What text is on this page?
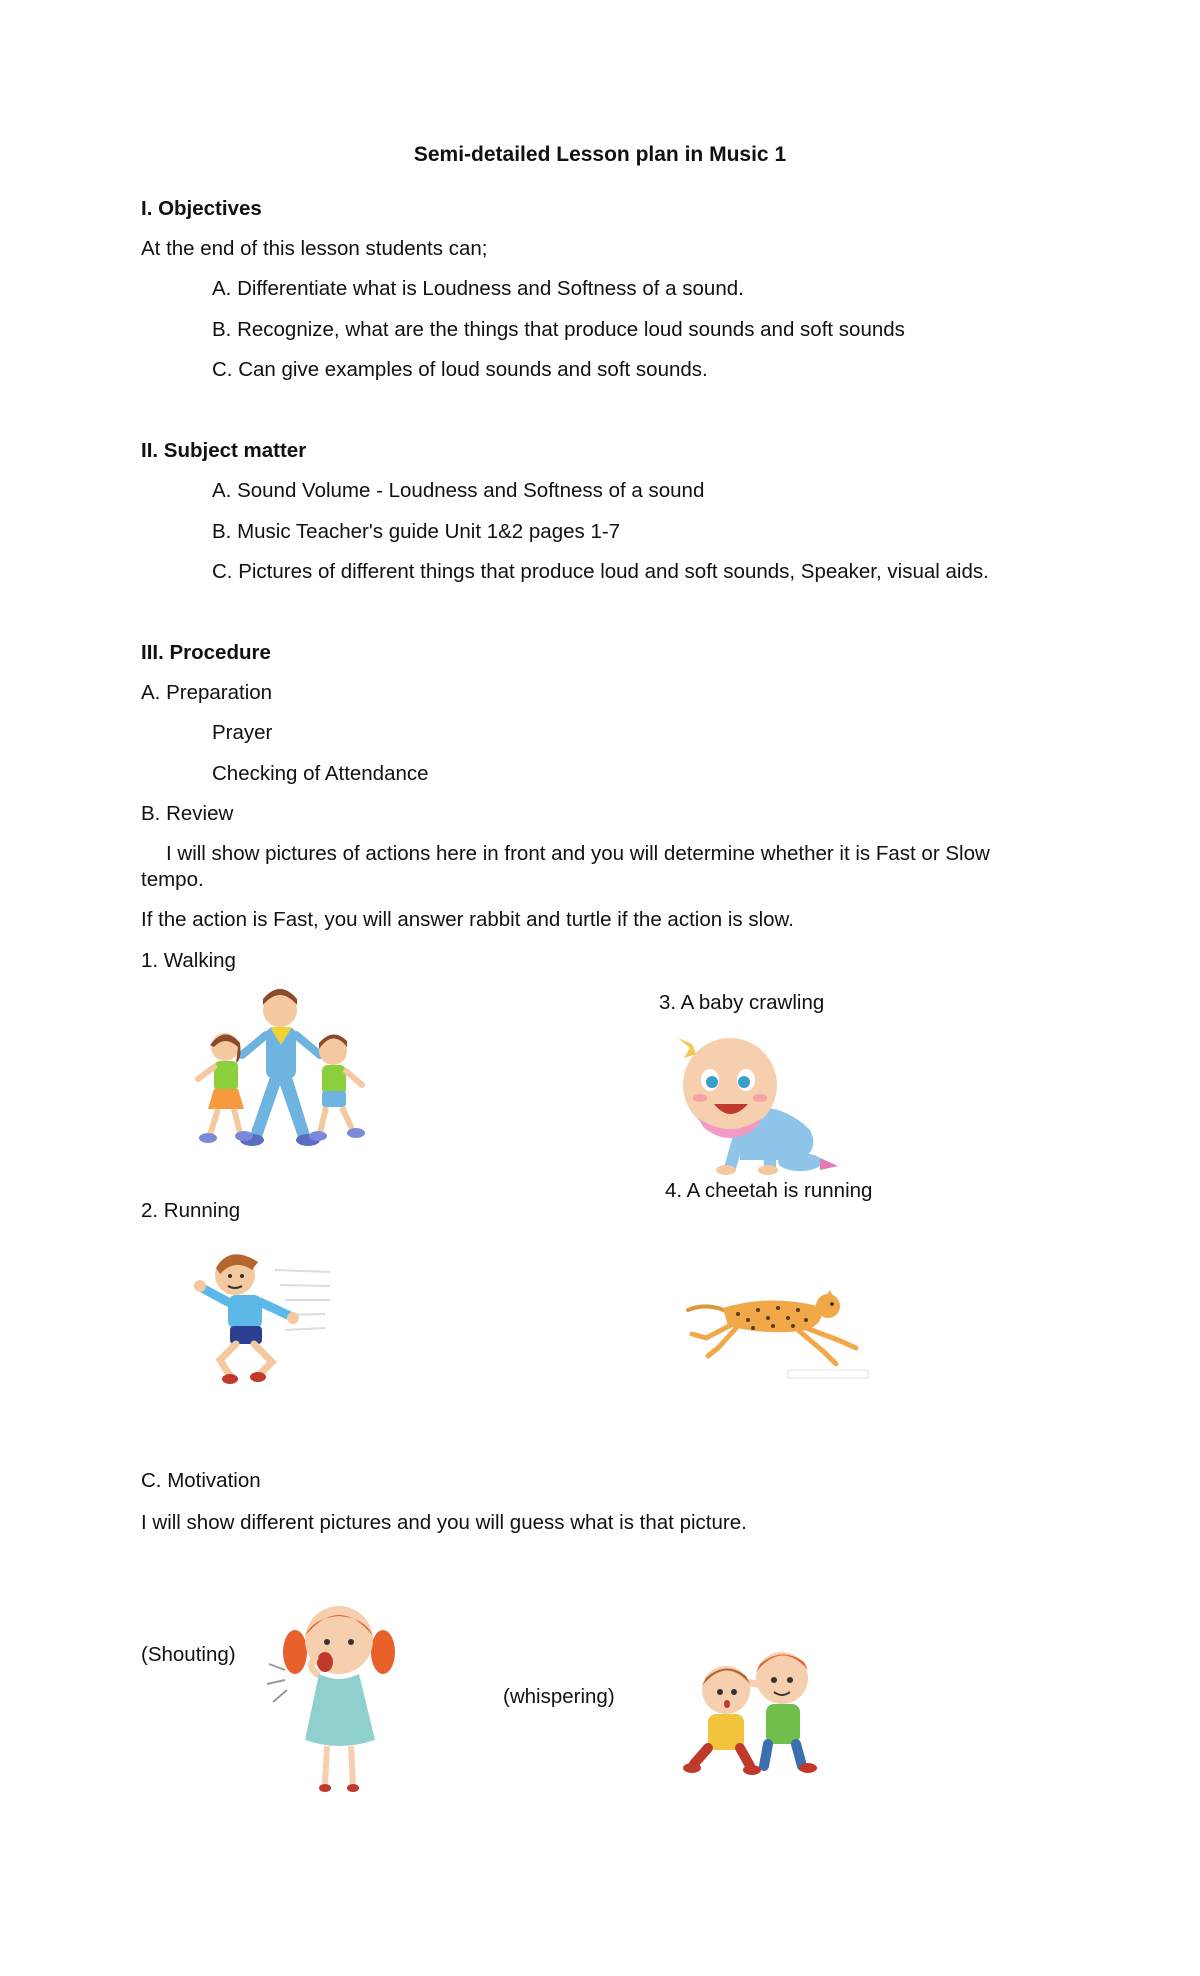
Semi-detailed Lesson plan in Music 1

I. Objectives

At the end of this lesson students can;

A. Differentiate what is Loudness and Softness of a sound.

B. Recognize, what are the things that produce loud sounds and soft sounds

C. Can give examples of loud sounds and soft sounds.

II. Subject matter

A. Sound Volume - Loudness and Softness of a sound

B. Music Teacher's guide Unit 1&2 pages 1-7

C. Pictures of different things that produce loud and soft sounds, Speaker, visual aids.

III. Procedure

A. Preparation

Prayer

Checking of Attendance

B. Review

I will show pictures of actions here in front and you will determine whether it is Fast or Slow tempo.

If the action is Fast, you will answer rabbit and turtle if the action is slow.

1. Walking

2. Running

3. A baby crawling

4. A cheetah is running

C. Motivation

I will show different pictures and you will guess what is that picture.

(Shouting)

(whispering)
